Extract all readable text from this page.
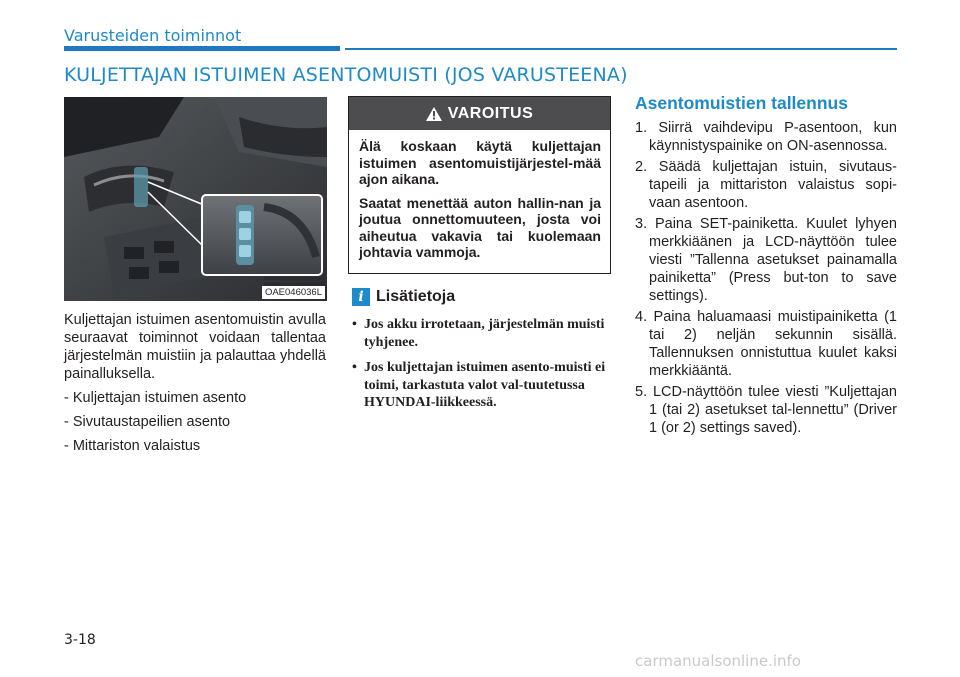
Varusteiden toiminnot
KULJETTAJAN ISTUIMEN ASENTOMUISTI (JOS VARUSTEENA)
OAE046036L

Kuljettajan istuimen asentomuistin avulla seuraavat toiminnot voidaan tallentaa järjestelmän muistiin ja palauttaa yhdellä painalluksella.

- Kuljettajan istuimen asento

- Sivutaustapeilien asento

- Mittariston valaistus

VAROITUS

Älä koskaan käytä kuljettajan istuimen asentomuistijärjestel-mää ajon aikana.

Saatat menettää auton hallin-nan ja joutua onnettomuuteen, josta voi aiheutua vakavia tai kuolemaan johtavia vammoja.

i Lisätietoja
• Jos akku irrotetaan, järjestelmän muisti tyhjenee.
• Jos kuljettajan istuimen asento-muisti ei toimi, tarkastuta valot val-tuutetussa HYUNDAI-liikkeessä.
Asentomuistien tallennus
1. Siirrä vaihdevipu P-asentoon, kun käynnistyspainike on ON-asennossa.
2. Säädä kuljettajan istuin, sivutaus-tapeili ja mittariston valaistus sopi-vaan asentoon.
3. Paina SET-painiketta. Kuulet lyhyen merkkiäänen ja LCD-näyttöön tulee viesti ”Tallenna asetukset painamalla painiketta” (Press but-ton to save settings).
4. Paina haluamaasi muistipainiketta (1 tai 2) neljän sekunnin sisällä. Tallennuksen onnistuttua kuulet kaksi merkkiääntä.
5. LCD-näyttöön tulee viesti ”Kuljettajan 1 (tai 2) asetukset tal-lennettu” (Driver 1 (or 2) settings saved).
3-18
carmanualsonline.info
